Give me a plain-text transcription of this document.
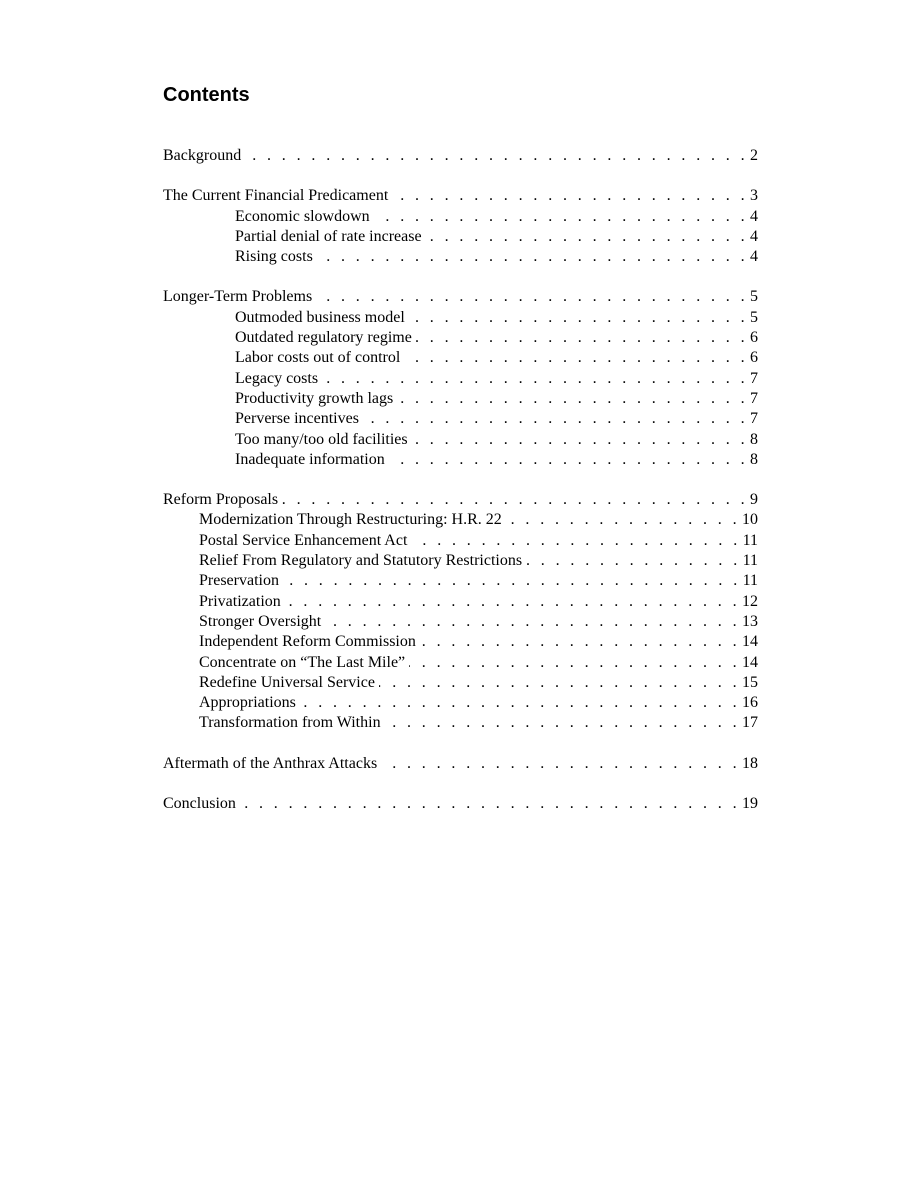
Contents
Background . . .	2
The Current Financial Predicament . . .	3
Economic slowdown . . .	4
Partial denial of rate increase . . .	4
Rising costs . . .	4
Longer-Term Problems . . .	5
Outmoded business model . . .	5
Outdated regulatory regime . . .	6
Labor costs out of control . . .	6
Legacy costs . . .	7
Productivity growth lags . . .	7
Perverse incentives . . .	7
Too many/too old facilities . . .	8
Inadequate information . . .	8
Reform Proposals . . .	9
Modernization Through Restructuring: H.R. 22 . . .	10
Postal Service Enhancement Act . . .	11
Relief From Regulatory and Statutory Restrictions . . .	11
Preservation . . .	11
Privatization . . .	12
Stronger Oversight . . .	13
Independent Reform Commission . . .	14
Concentrate on “The Last Mile” . . .	14
Redefine Universal Service . . .	15
Appropriations . . .	16
Transformation from Within . . .	17
Aftermath of the Anthrax Attacks . . .	18
Conclusion . . .	19
